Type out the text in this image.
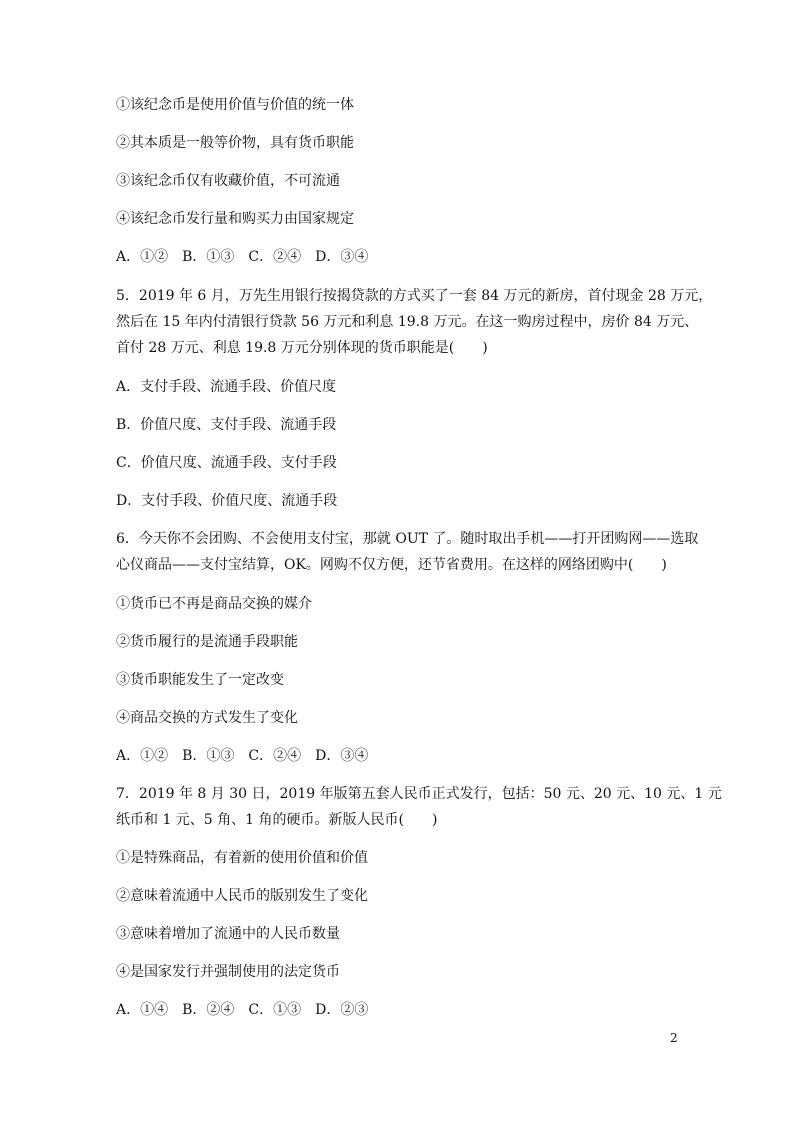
①该纪念币是使用价值与价值的统一体
②其本质是一般等价物，具有货币职能
③该纪念币仅有收藏价值，不可流通
④该纪念币发行量和购买力由国家规定
A．①②　B．①③　C．②④　D．③④
5．2019 年 6 月，万先生用银行按揭贷款的方式买了一套 84 万元的新房，首付现金 28 万元，
然后在 15 年内付清银行贷款 56 万元和利息 19.8 万元。在这一购房过程中，房价 84 万元、
首付 28 万元、利息 19.8 万元分别体现的货币职能是(　　)
A．支付手段、流通手段、价值尺度
B．价值尺度、支付手段、流通手段
C．价值尺度、流通手段、支付手段
D．支付手段、价值尺度、流通手段
6．今天你不会团购、不会使用支付宝，那就 OUT 了。随时取出手机——打开团购网——选取
心仪商品——支付宝结算，OK。网购不仅方便，还节省费用。在这样的网络团购中(　　)
①货币已不再是商品交换的媒介
②货币履行的是流通手段职能
③货币职能发生了一定改变
④商品交换的方式发生了变化
A．①②　B．①③　C．②④　D．③④
7．2019 年 8 月 30 日，2019 年版第五套人民币正式发行，包括：50 元、20 元、10 元、1 元
纸币和 1 元、5 角、1 角的硬币。新版人民币(　　)
①是特殊商品，有着新的使用价值和价值
②意味着流通中人民币的版别发生了变化
③意味着增加了流通中的人民币数量
④是国家发行并强制使用的法定货币
A．①④　B．②④　C．①③　D．②③
2
